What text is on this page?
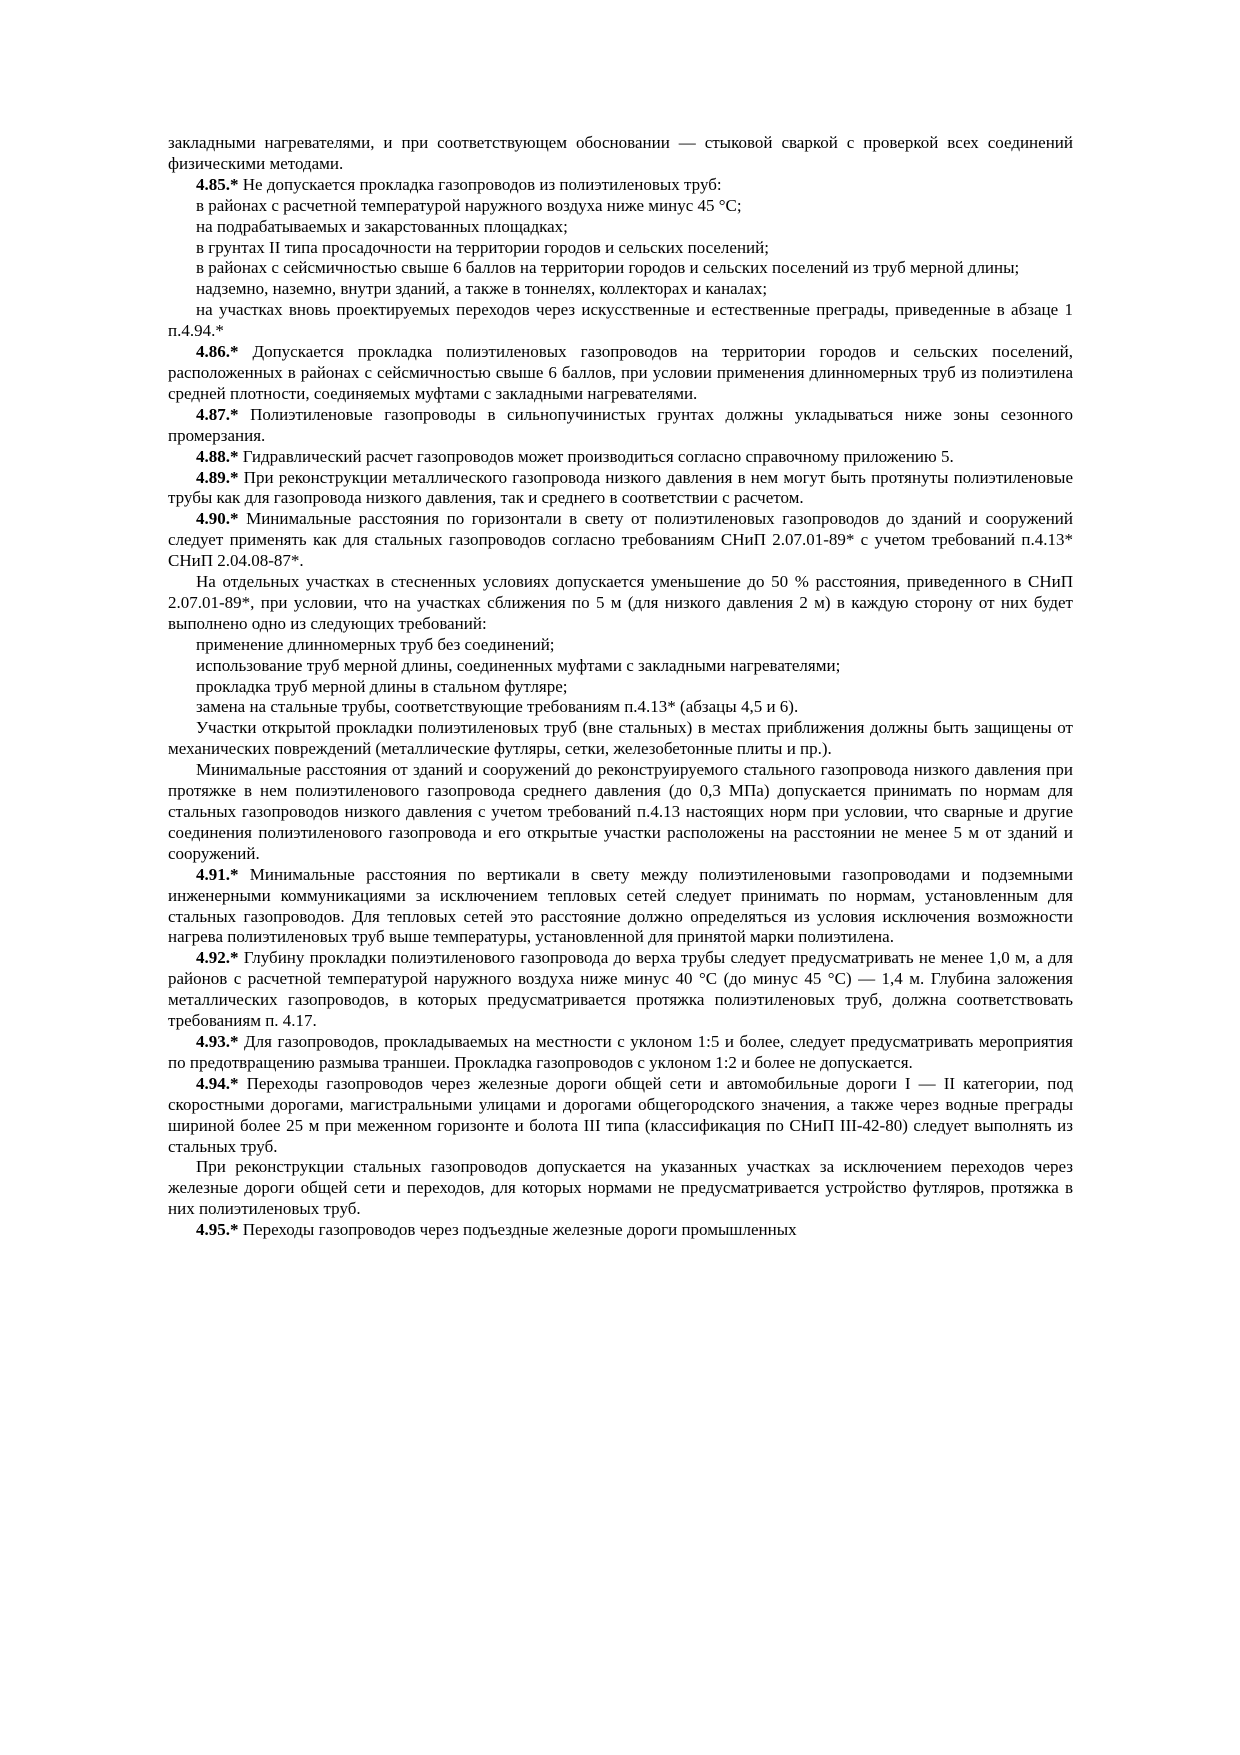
закладными нагревателями, и при соответствующем обосновании — стыковой сваркой с проверкой всех соединений физическими методами.

4.85.* Не допускается прокладка газопроводов из полиэтиленовых труб:

в районах с расчетной температурой наружного воздуха ниже минус 45 °С;

на подрабатываемых и закарстованных площадках;

в грунтах II типа просадочности на территории городов и сельских поселений;

в районах с сейсмичностью свыше 6 баллов на территории городов и сельских поселений из труб мерной длины;

надземно, наземно, внутри зданий, а также в тоннелях, коллекторах и каналах;

на участках вновь проектируемых переходов через искусственные и естественные преграды, приведенные в абзаце 1 п.4.94.*

4.86.* Допускается прокладка полиэтиленовых газопроводов на территории городов и сельских поселений, расположенных в районах с сейсмичностью свыше 6 баллов, при условии применения длинномерных труб из полиэтилена средней плотности, соединяемых муфтами с закладными нагревателями.

4.87.* Полиэтиленовые газопроводы в сильнопучинистых грунтах должны укладываться ниже зоны сезонного промерзания.

4.88.* Гидравлический расчет газопроводов может производиться согласно справочному приложению 5.

4.89.* При реконструкции металлического газопровода низкого давления в нем могут быть протянуты полиэтиленовые трубы как для газопровода низкого давления, так и среднего в соответствии с расчетом.

4.90.* Минимальные расстояния по горизонтали в свету от полиэтиленовых газопроводов до зданий и сооружений следует применять как для стальных газопроводов согласно требованиям СНиП 2.07.01-89* с учетом требований п.4.13* СНиП 2.04.08-87*.

На отдельных участках в стесненных условиях допускается уменьшение до 50 % расстояния, приведенного в СНиП 2.07.01-89*, при условии, что на участках сближения по 5 м (для низкого давления 2 м) в каждую сторону от них будет выполнено одно из следующих требований:

применение длинномерных труб без соединений;

использование труб мерной длины, соединенных муфтами с закладными нагревателями;

прокладка труб мерной длины в стальном футляре;

замена на стальные трубы, соответствующие требованиям п.4.13* (абзацы 4,5 и 6).

Участки открытой прокладки полиэтиленовых труб (вне стальных) в местах приближения должны быть защищены от механических повреждений (металлические футляры, сетки, железобетонные плиты и пр.).

Минимальные расстояния от зданий и сооружений до реконструируемого стального газопровода низкого давления при протяжке в нем полиэтиленового газопровода среднего давления (до 0,3 МПа) допускается принимать по нормам для стальных газопроводов низкого давления с учетом требований п.4.13 настоящих норм при условии, что сварные и другие соединения полиэтиленового газопровода и его открытые участки расположены на расстоянии не менее 5 м от зданий и сооружений.

4.91.* Минимальные расстояния по вертикали в свету между полиэтиленовыми газопроводами и подземными инженерными коммуникациями за исключением тепловых сетей следует принимать по нормам, установленным для стальных газопроводов. Для тепловых сетей это расстояние должно определяться из условия исключения возможности нагрева полиэтиленовых труб выше температуры, установленной для принятой марки полиэтилена.

4.92.* Глубину прокладки полиэтиленового газопровода до верха трубы следует предусматривать не менее 1,0 м, а для районов с расчетной температурой наружного воздуха ниже минус 40 °С (до минус 45 °С) — 1,4 м. Глубина заложения металлических газопроводов, в которых предусматривается протяжка полиэтиленовых труб, должна соответствовать требованиям п. 4.17.

4.93.* Для газопроводов, прокладываемых на местности с уклоном 1:5 и более, следует предусматривать мероприятия по предотвращению размыва траншеи. Прокладка газопроводов с уклоном 1:2 и более не допускается.

4.94.* Переходы газопроводов через железные дороги общей сети и автомобильные дороги I — II категории, под скоростными дорогами, магистральными улицами и дорогами общегородского значения, а также через водные преграды шириной более 25 м при меженном горизонте и болота III типа (классификация по СНиП III-42-80) следует выполнять из стальных труб.

При реконструкции стальных газопроводов допускается на указанных участках за исключением переходов через железные дороги общей сети и переходов, для которых нормами не предусматривается устройство футляров, протяжка в них полиэтиленовых труб.

4.95.* Переходы газопроводов через подъездные железные дороги промышленных
